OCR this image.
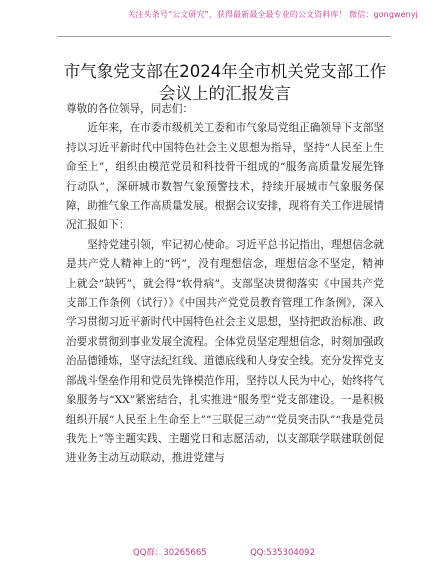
关注头条号“公文研究”，获得最新最全最专业的公文资料库！ 微信：gongwenyj
市气象党支部在2024年全市机关党支部工作会议上的汇报发言

尊敬的各位领导，同志们：

近年来，在市委市级机关工委和市气象局党组正确领导下支部坚持以习近平新时代中国特色社会主义思想为指导，坚持“人民至上生命至上”，组织由模范党员和科技骨干组成的“服务高质量发展先锋行动队”，深研城市数智气象预警技术，持续开展城市气象服务保障，助推气象工作高质量发展。根据会议安排，现将有关工作进展情况汇报如下：

坚持党建引领，牢记初心使命。习近平总书记指出，理想信念就是共产党人精神上的“钙”，没有理想信念，理想信念不坚定，精神上就会“缺钙”，就会得“软骨病”。支部坚决贯彻落实《中国共产党支部工作条例（试行）》《中国共产党党员教育管理工作条例》，深入学习贯彻习近平新时代中国特色社会主义思想，坚持把政治标准、政治要求贯彻到事业发展全流程。全体党员坚定理想信念，时刻加强政治品德锤炼，坚守法纪红线、道德底线和人身安全线。充分发挥党支部战斗堡垒作用和党员先锋模范作用，坚持以人民为中心，始终将气象服务与“XX”紧密结合，扎实推进“服务型”党支部建设。一是积极组织开展“人民至上生命至上”“三联促三动”“党员突击队”“我是党员我先上”等主题实践、主题党日和志愿活动，以支部联学联建联创促进业务主动互动联动，推进党建与

QQ群：30265665	QQ:535304092
